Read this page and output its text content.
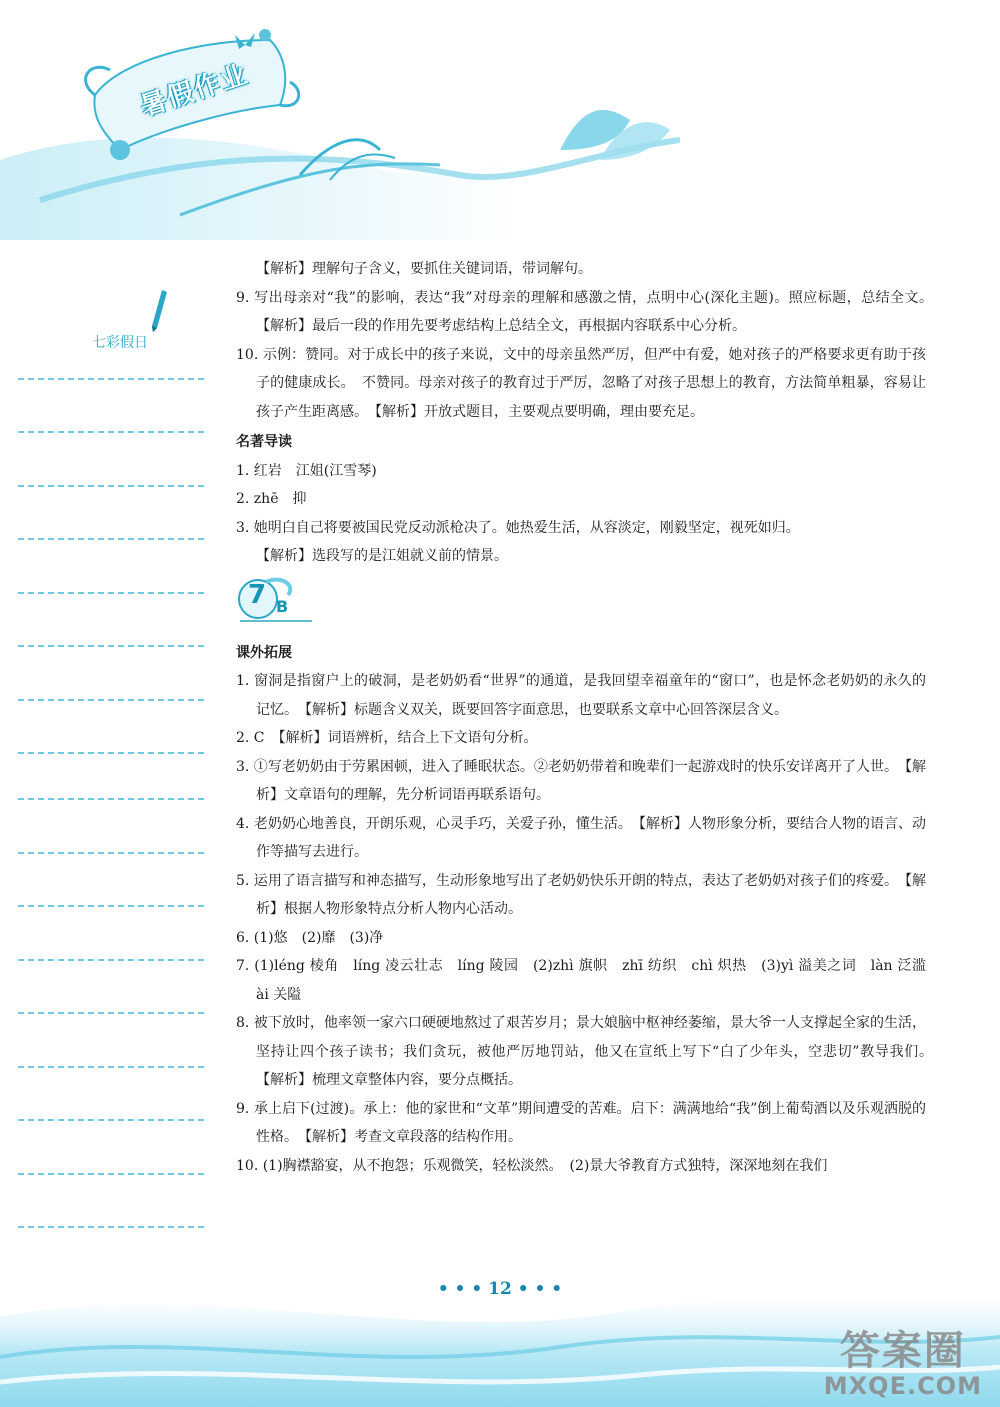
暑假作业
七彩假日

【解析】理解句子含义，要抓住关键词语，带词解句。

9. 写出母亲对“我”的影响，表达“我”对母亲的理解和感激之情，点明中心(深化主题)。照应标题，总结全文。　【解析】最后一段的作用先要考虑结构上总结全文，再根据内容联系中心分析。

10. 示例：赞同。对于成长中的孩子来说，文中的母亲虽然严厉，但严中有爱，她对孩子的严格要求更有助于孩子的健康成长。　不赞同。母亲对孩子的教育过于严厉，忽略了对孩子思想上的教育，方法简单粗暴，容易让孩子产生距离感。　【解析】开放式题目，主要观点要明确，理由要充足。

名著导读

1. 红岩　江姐(江雪琴)

2. zhē　抑

3. 她明白自己将要被国民党反动派枪决了。她热爱生活，从容淡定，刚毅坚定，视死如归。

【解析】选段写的是江姐就义前的情景。

7 B

课外拓展

1. 窗洞是指窗户上的破洞，是老奶奶看“世界”的通道，是我回望幸福童年的“窗口”，也是怀念老奶奶的永久的记忆。　【解析】标题含义双关，既要回答字面意思，也要联系文章中心回答深层含义。

2. C　【解析】词语辨析，结合上下文语句分析。

3. ①写老奶奶由于劳累困顿，进入了睡眠状态。②老奶奶带着和晚辈们一起游戏时的快乐安详离开了人世。　【解析】文章语句的理解，先分析词语再联系语句。

4. 老奶奶心地善良，开朗乐观，心灵手巧，关爱子孙，懂生活。　【解析】人物形象分析，要结合人物的语言、动作等描写去进行。

5. 运用了语言描写和神态描写，生动形象地写出了老奶奶快乐开朗的特点，表达了老奶奶对孩子们的疼爱。　【解析】根据人物形象特点分析人物内心活动。

6. (1)悠　(2)靡　(3)净

7. (1)léng 棱角　líng 凌云壮志　líng 陵园　(2)zhì 旗帜　zhī 纺织　chì 炽热　(3)yì 溢美之词　làn 泛滥　ài 关隘

8. 被下放时，他率领一家六口硬硬地熬过了艰苦岁月；景大娘脑中枢神经萎缩，景大爷一人支撑起全家的生活，坚持让四个孩子读书；我们贪玩，被他严厉地罚站，他又在宣纸上写下“白了少年头，空悲切”教导我们。　【解析】梳理文章整体内容，要分点概括。

9. 承上启下(过渡)。承上：他的家世和“文革”期间遭受的苦难。启下：满满地给“我”倒上葡萄酒以及乐观洒脱的性格。　【解析】考查文章段落的结构作用。

10. (1)胸襟豁宴，从不抱怨；乐观微笑，轻松淡然。　(2)景大爷教育方式独特，深深地刻在我们

• • • 12 • • •
答案圈
MXQE.COM
